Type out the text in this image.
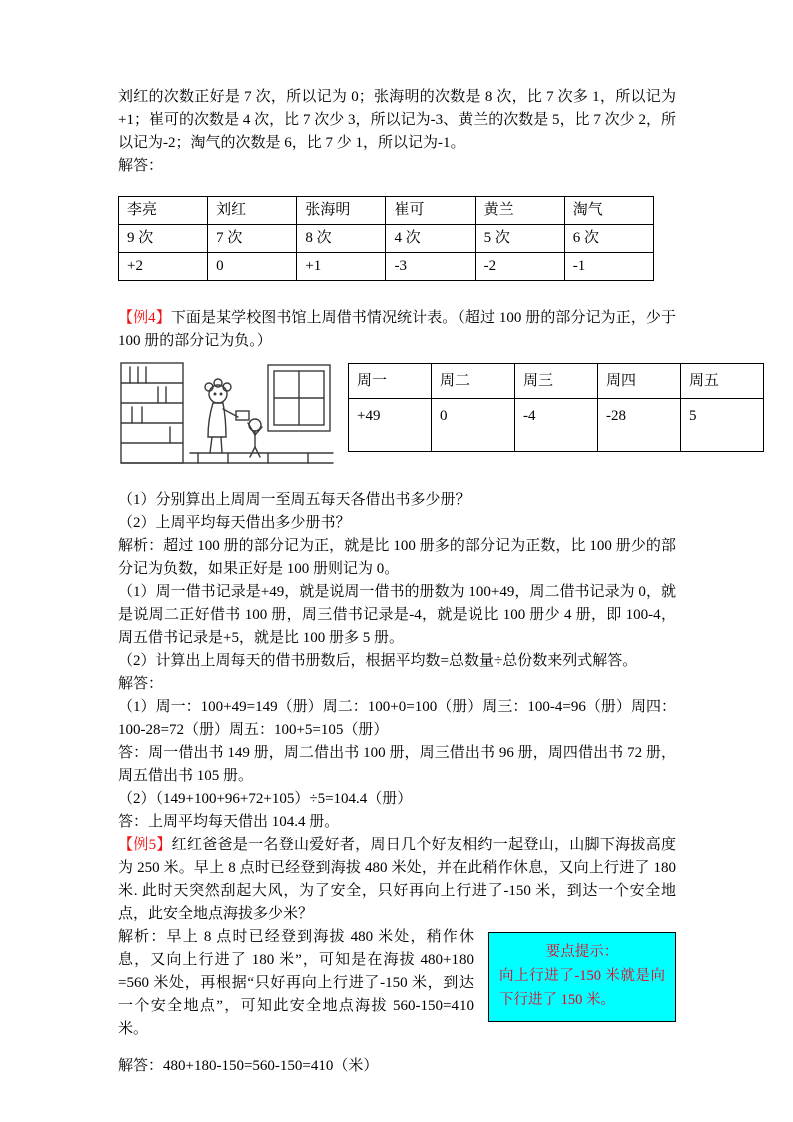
刘红的次数正好是 7 次，所以记为 0；张海明的次数是 8 次，比 7 次多 1，所以记为+1；崔可的次数是 4 次，比 7 次少 3，所以记为-3、黄兰的次数是 5，比 7 次少 2，所以记为-2；淘气的次数是 6，比 7 少 1，所以记为-1。

解答：

李亮	刘红	张海明	崔可	黄兰	淘气
9 次	7 次	8 次	4 次	5 次	6 次
+2	0	+1	-3	-2	-1

【例4】下面是某学校图书馆上周借书情况统计表。（超过 100 册的部分记为正，少于 100 册的部分记为负。）

周一	周二	周三	周四	周五
+49	0	-4	-28	5

（1）分别算出上周周一至周五每天各借出书多少册？

（2）上周平均每天借出多少册书？

解析：超过 100 册的部分记为正，就是比 100 册多的部分记为正数，比 100 册少的部分记为负数，如果正好是 100 册则记为 0。

（1）周一借书记录是+49，就是说周一借书的册数为 100+49，周二借书记录为 0，就是说周二正好借书 100 册，周三借书记录是-4，就是说比 100 册少 4 册，即 100-4，周五借书记录是+5，就是比 100 册多 5 册。

（2）计算出上周每天的借书册数后，根据平均数=总数量÷总份数来列式解答。

解答：

（1）周一：100+49=149（册）周二：100+0=100（册）周三：100-4=96（册）周四：100-28=72（册）周五：100+5=105（册）

答：周一借出书 149 册，周二借出书 100 册，周三借出书 96 册，周四借出书 72 册，周五借出书 105 册。

（2）（149+100+96+72+105）÷5=104.4（册）

答：上周平均每天借出 104.4 册。

【例5】红红爸爸是一名登山爱好者，周日几个好友相约一起登山，山脚下海拔高度为 250 米。早上 8 点时已经登到海拔 480 米处，并在此稍作休息，又向上行进了 180 米. 此时天突然刮起大风，为了安全，只好再向上行进了-150 米，到达一个安全地点，此安全地点海拔多少米？

要点提示：
向上行进了-150 米就是向下行进了 150 米。

解析：早上 8 点时已经登到海拔 480 米处，稍作休息，又向上行进了 180 米”，可知是在海拔 480+180 =560 米处，再根据“只好再向上行进了-150 米，到达一个安全地点”，可知此安全地点海拔 560-150=410 米。

解答：480+180-150=560-150=410（米）
